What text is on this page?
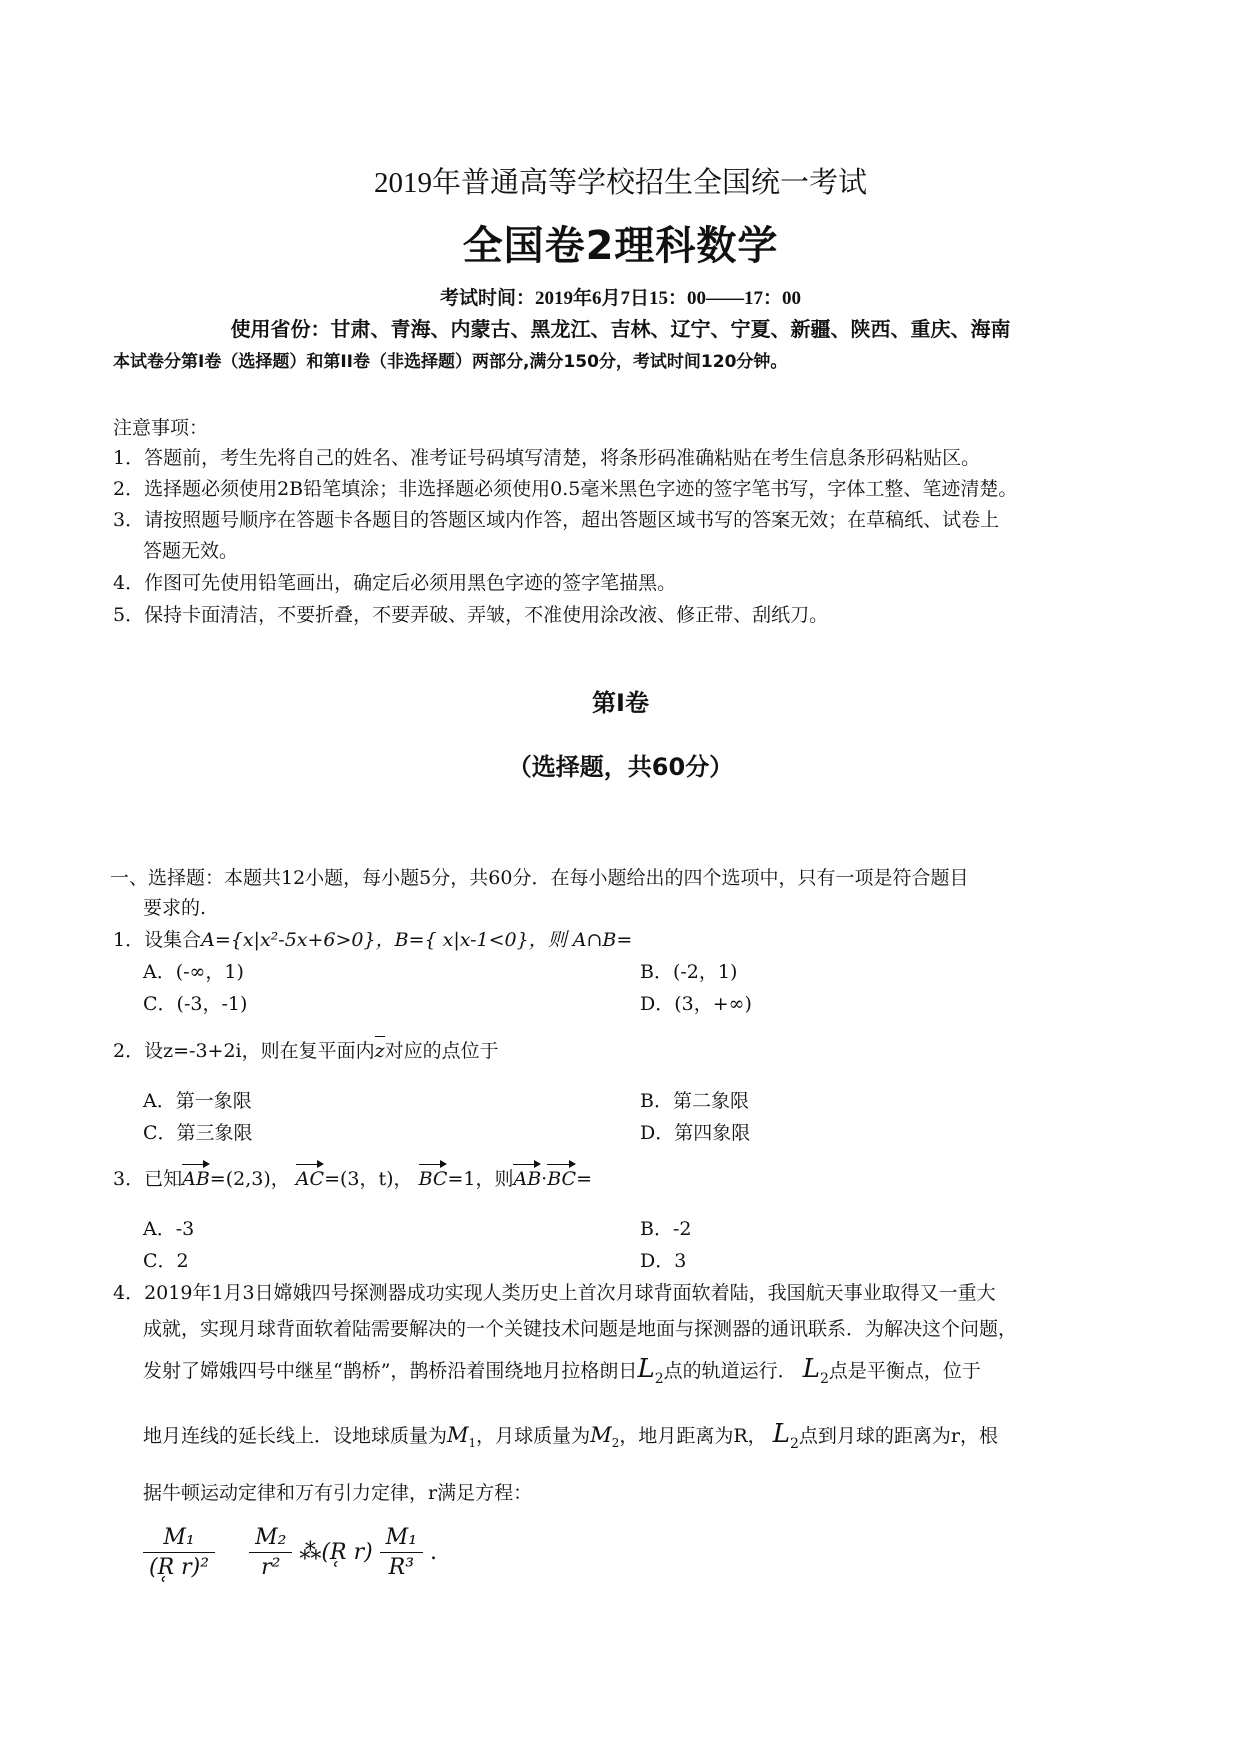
2019年普通高等学校招生全国统一考试
全国卷2理科数学
考试时间：2019年6月7日15：00——17：00
使用省份：甘肃、青海、内蒙古、黑龙江、吉林、辽宁、宁夏、新疆、陕西、重庆、海南
本试卷分第Ⅰ卷（选择题）和第II卷（非选择题）两部分,满分150分，考试时间120分钟。
注意事项：
1．答题前，考生先将自己的姓名、准考证号码填写清楚，将条形码准确粘贴在考生信息条形码粘贴区。
2．选择题必须使用2B铅笔填涂；非选择题必须使用0.5毫米黑色字迹的签字笔书写，字体工整、笔迹清楚。
3．请按照题号顺序在答题卡各题目的答题区域内作答，超出答题区域书写的答案无效；在草稿纸、试卷上
答题无效。
4．作图可先使用铅笔画出，确定后必须用黑色字迹的签字笔描黑。
5．保持卡面清洁，不要折叠，不要弄破、弄皱，不准使用涂改液、修正带、刮纸刀。
第Ⅰ卷
（选择题，共60分）
一、选择题：本题共12小题，每小题5分，共60分．在每小题给出的四个选项中，只有一项是符合题目
要求的.
1．设集合A={x|x²-5x+6>0}，B={ x|x-1<0}，则 A∩B=
A．(-∞，1)	B．(-2，1)
C．(-3，-1)	D．(3，+∞)
2．设z=-3+2i，则在复平面内z对应的点位于
A．第一象限	B．第二象限
C．第三象限	D．第四象限
3．已知AB=(2,3)， AC=(3，t)， BC=1，则AB·BC=
A．-3	B．-2
C．2	D．3
4．2019年1月3日嫦娥四号探测器成功实现人类历史上首次月球背面软着陆，我国航天事业取得又一重大
成就，实现月球背面软着陆需要解决的一个关键技术问题是地面与探测器的通讯联系．为解决这个问题，
发射了嫦娥四号中继星“鹊桥”，鹊桥沿着围绕地月拉格朗日$L_2$点的轨道运行． $L_2$点是平衡点，位于
地月连线的延长线上．设地球质量为$M_1$，月球质量为$M_2$，地月距离为R， $L_2$点到月球的距离为r，根
据牛顿运动定律和万有引力定律，r满足方程：
$\frac{\text{M₁}}{\text{(R̜ r)²}}$
$\frac{\text{M₂}}{\text{r²}}$ ⁂(R̜ $r) \frac{\text{M₁}}{\text{R³}}$ .
